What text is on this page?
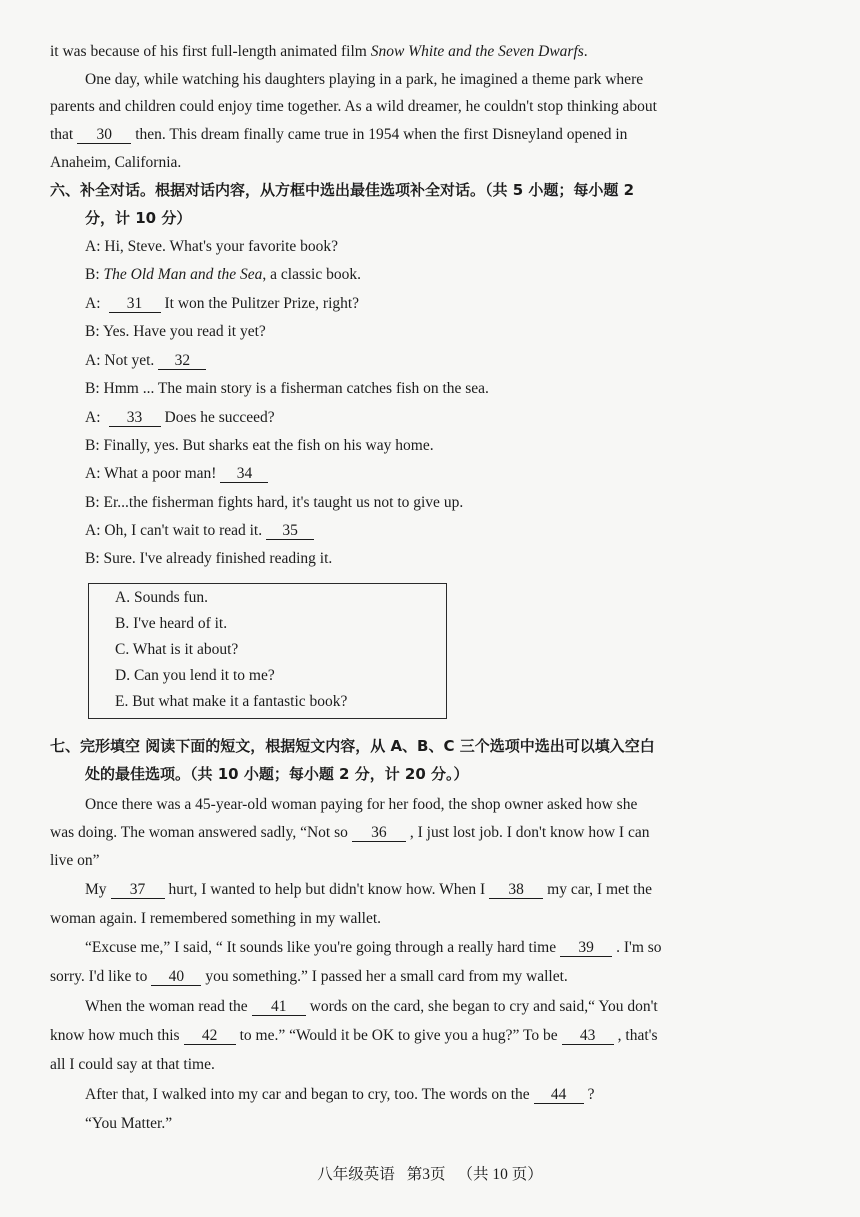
it was because of his first full-length animated film Snow White and the Seven Dwarfs.
One day, while watching his daughters playing in a park, he imagined a theme park where
parents and children could enjoy time together. As a wild dreamer, he couldn't stop thinking about
that 30 then. This dream finally came true in 1954 when the first Disneyland opened in
Anaheim, California.
六、补全对话。根据对话内容，从方框中选出最佳选项补全对话。（共 5 小题；每小题 2
分，计 10 分）
A: Hi, Steve. What's your favorite book?
B: The Old Man and the Sea, a classic book.
A: 31 It won the Pulitzer Prize, right?
B: Yes. Have you read it yet?
A: Not yet. 32
B: Hmm ... The main story is a fisherman catches fish on the sea.
A: 33 Does he succeed?
B: Finally, yes. But sharks eat the fish on his way home.
A: What a poor man! 34
B: Er...the fisherman fights hard, it's taught us not to give up.
A: Oh, I can't wait to read it. 35
B: Sure. I've already finished reading it.
A. Sounds fun.
B. I've heard of it.
C. What is it about?
D. Can you lend it to me?
E. But what make it a fantastic book?
七、完形填空 阅读下面的短文，根据短文内容，从 A、B、C 三个选项中选出可以填入空白
处的最佳选项。（共 10 小题；每小题 2 分，计 20 分。）
Once there was a 45-year-old woman paying for her food, the shop owner asked how she
was doing. The woman answered sadly, “Not so 36 , I just lost job. I don't know how I can
live on”
My 37 hurt, I wanted to help but didn't know how. When I 38 my car, I met the
woman again. I remembered something in my wallet.
“Excuse me,” I said, “ It sounds like you're going through a really hard time 39 . I'm so
sorry. I'd like to 40 you something.” I passed her a small card from my wallet.
When the woman read the 41 words on the card, she began to cry and said,“ You don't
know how much this 42 to me.” “Would it be OK to give you a hug?” To be 43 , that's
all I could say at that time.
After that, I walked into my car and began to cry, too. The words on the 44 ?
“You Matter.”
八年级英语 第3页 （共 10 页）
